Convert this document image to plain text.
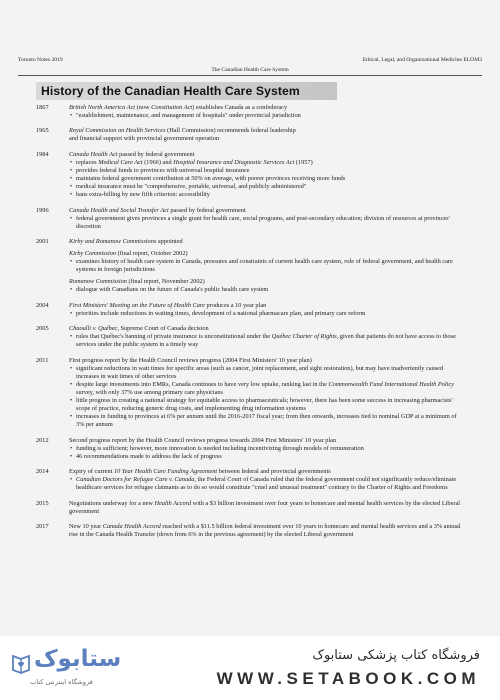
Toronto Notes 2019	Ethical, Legal, and Organizational Medicine ELOM3
The Canadian Health Care System
History of the Canadian Health Care System
1867	British North America Act (now Constitution Act) establishes Canada as a confederacy
• "establishment, maintenance, and management of hospitals" under provincial jurisdiction
1965	Royal Commission on Health Services (Hall Commission) recommends federal leadership
and financial support with provincial government operation
1984	Canada Health Act passed by federal government
• replaces Medical Care Act (1966) and Hospital Insurance and Diagnostic Services Act (1957)
• provides federal funds to provinces with universal hospital insurance
• maintains federal government contribution at 50% on average, with poorer provinces receiving more funds
• medical insurance must be "comprehensive, portable, universal, and publicly administered"
• bans extra-billing by new fifth criterion: accessibility
1996	Canada Health and Social Transfer Act passed by federal government
• federal government gives provinces a single grant for health care, social programs, and post-secondary education; division of resources at provinces' discretion
2001	Kirby and Romanow Commissions appointed
Kirby Commission (final report, October 2002)
• examines history of health care system in Canada, pressures and constraints of current health care system, role of federal government, and health care systems in foreign jurisdictions
Romanow Commission (final report, November 2002)
• dialogue with Canadians on the future of Canada's public health care system
2004	First Ministers' Meeting on the Future of Health Care produces a 10 year plan
• priorities include reductions in waiting times, development of a national pharmacare plan, and primary care reform
2005	Chaoulli v. Québec, Supreme Court of Canada decision
• rules that Québec's banning of private insurance is unconstitutional under the Québec Charter of Rights, given that patients do not have access to those services under the public system in a timely way
2011	First progress report by the Health Council reviews progress (2004 First Ministers' 10 year plan)
• significant reductions in wait times for specific areas (such as cancer, joint replacement, and sight restoration), but may have inadvertently caused increases in wait times of other services
• despite large investments into EMRs, Canada continues to have very low uptake, ranking last in the Commonwealth Fund International Health Policy survey, with only 37% use among primary care physicians
• little progress in creating a national strategy for equitable access to pharmaceuticals; however, there has been some success in increasing pharmacists' scope of practice, reducing generic drug costs, and implementing drug information systems
• increases in funding to provinces at 6% per annum until the 2016-2017 fiscal year; from then onwards, increases tied to nominal GDP at a minimum of 3% per annum
2012	Second progress report by the Health Council reviews progress towards 2004 First Ministers' 10 year plan
• funding is sufficient; however, more innovation is needed including incentivizing through models of remuneration
• 46 recommendations made to address the lack of progress
2014	Expiry of current 10 Year Health Care Funding Agreement between federal and provincial governments
• Canadian Doctors for Refugee Care v. Canada, the Federal Court of Canada ruled that the federal government could not significantly reduce/eliminate healthcare services for refugee claimants as to do so would constitute "cruel and unusual treatment" contrary to the Charter of Rights and Freedoms
2015	Negotiations underway for a new Health Accord with a $3 billion investment over four years to homecare and mental health services by the elected Liberal government
2017	New 10 year Canada Health Accord reached with a $11.5 billion federal investment over 10 years to homecare and mental health services and a 3% annual rise in the Canada Health Transfer (down from 6% in the previous agreement) by the elected Liberal government
ستابوک
فروشگاه اینترنتی کتاب
فروشگاه کتاب پزشکی ستابوک
WWW.SETABOOK.COM
